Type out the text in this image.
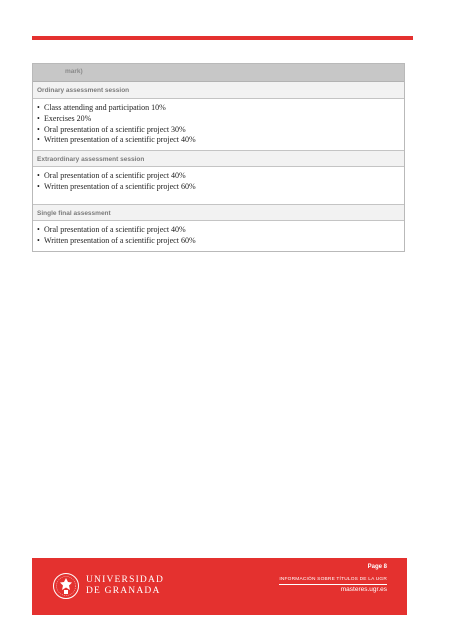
mark)
Ordinary assessment session
• Class attending and participation 10%
• Exercises 20%
• Oral presentation of a scientific project 30%
• Written presentation of a scientific project 40%
Extraordinary assessment session
• Oral presentation of a scientific project 40%
• Written presentation of a scientific project 60%
Single final assessment
• Oral presentation of a scientific project 40%
• Written presentation of a scientific project 60%
UNIVERSIDAD
DE GRANADA
Page 8
INFORMACIÓN SOBRE TÍTULOS DE LA UGR
masteres.ugr.es
